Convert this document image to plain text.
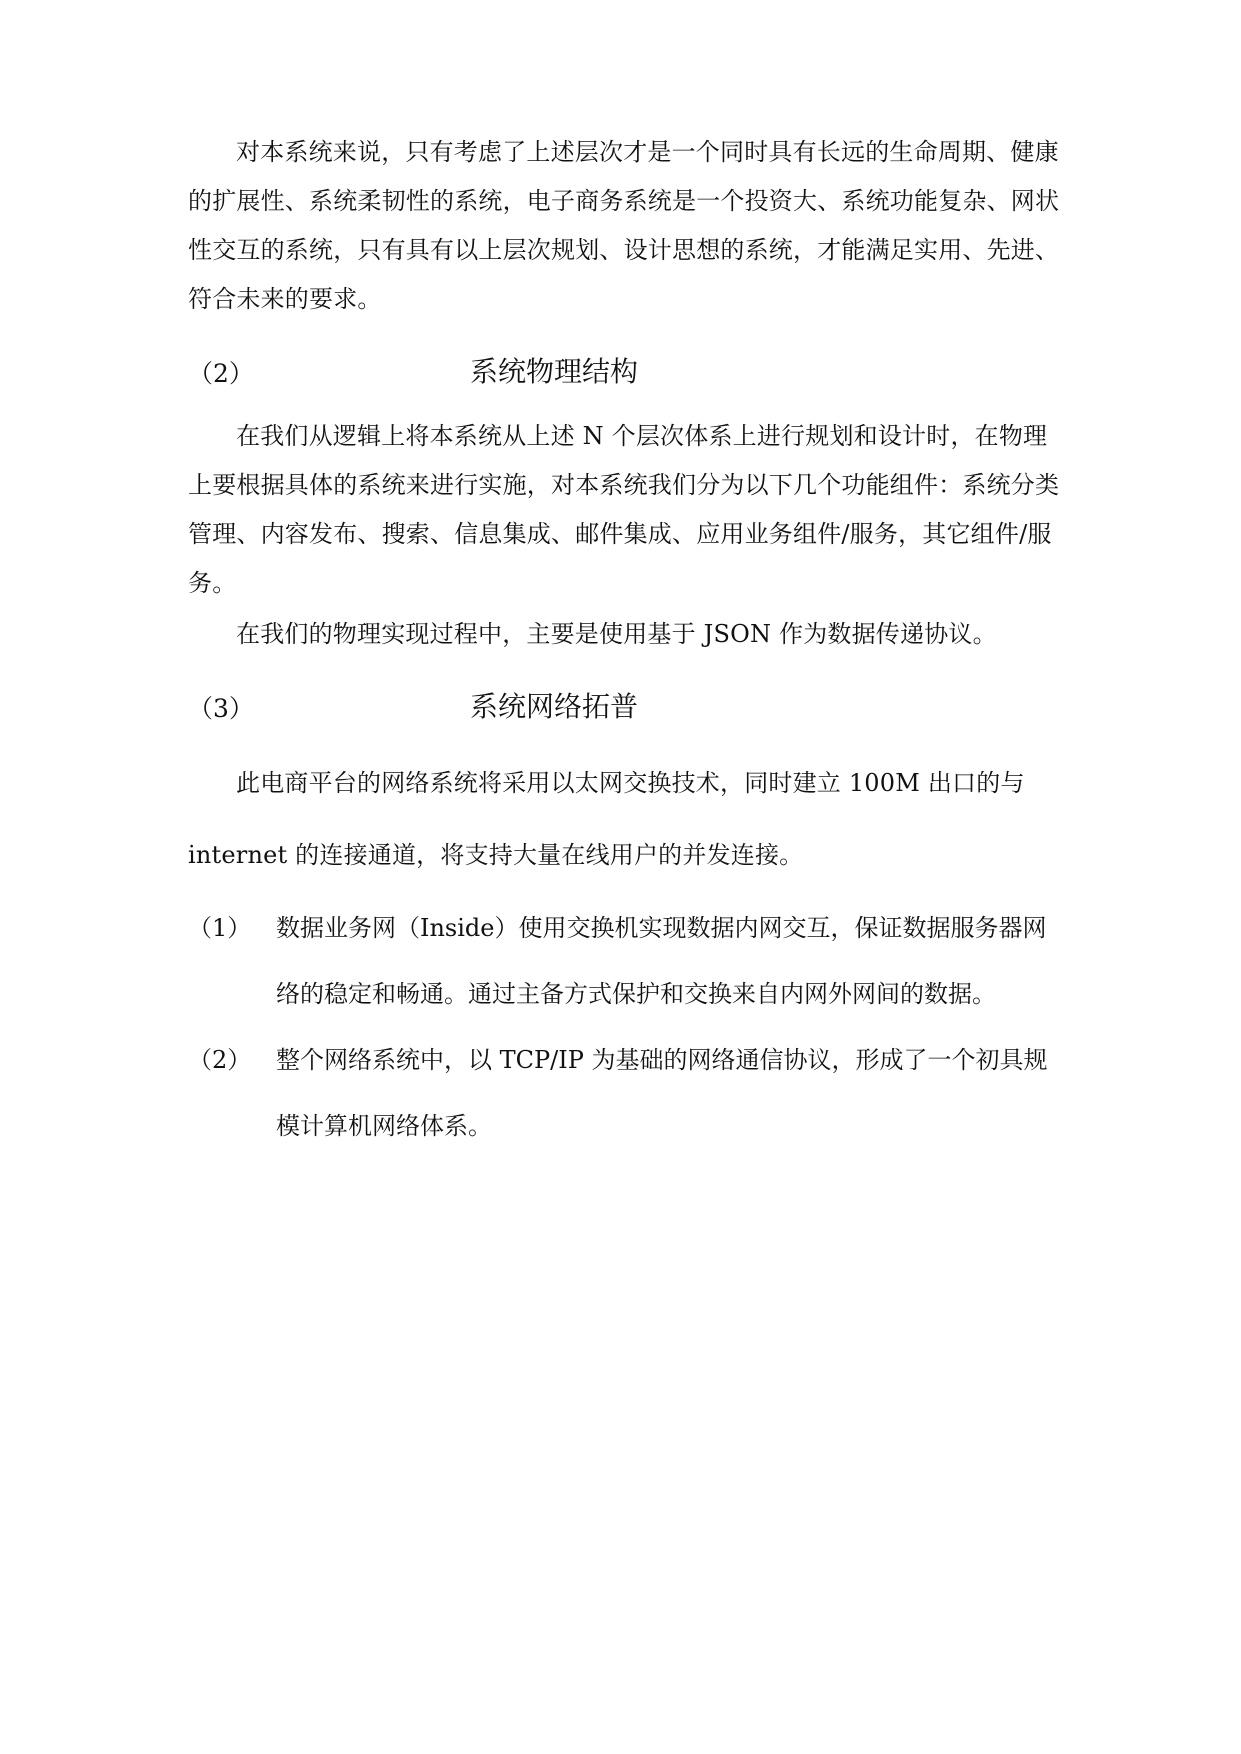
对本系统来说，只有考虑了上述层次才是一个同时具有长远的生命周期、健康的扩展性、系统柔韧性的系统，电子商务系统是一个投资大、系统功能复杂、网状性交互的系统，只有具有以上层次规划、设计思想的系统，才能满足实用、先进、符合未来的要求。

（2）	系统物理结构

在我们从逻辑上将本系统从上述 N 个层次体系上进行规划和设计时，在物理上要根据具体的系统来进行实施，对本系统我们分为以下几个功能组件：系统分类管理、内容发布、搜索、信息集成、邮件集成、应用业务组件/服务，其它组件/服务。

在我们的物理实现过程中，主要是使用基于 JSON 作为数据传递协议。

（3）	系统网络拓普

此电商平台的网络系统将采用以太网交换技术，同时建立 100M 出口的与 internet 的连接通道，将支持大量在线用户的并发连接。

（1） 数据业务网（Inside）使用交换机实现数据内网交互，保证数据服务器网络的稳定和畅通。通过主备方式保护和交换来自内网外网间的数据。
（2） 整个网络系统中，以 TCP/IP 为基础的网络通信协议，形成了一个初具规模计算机网络体系。
